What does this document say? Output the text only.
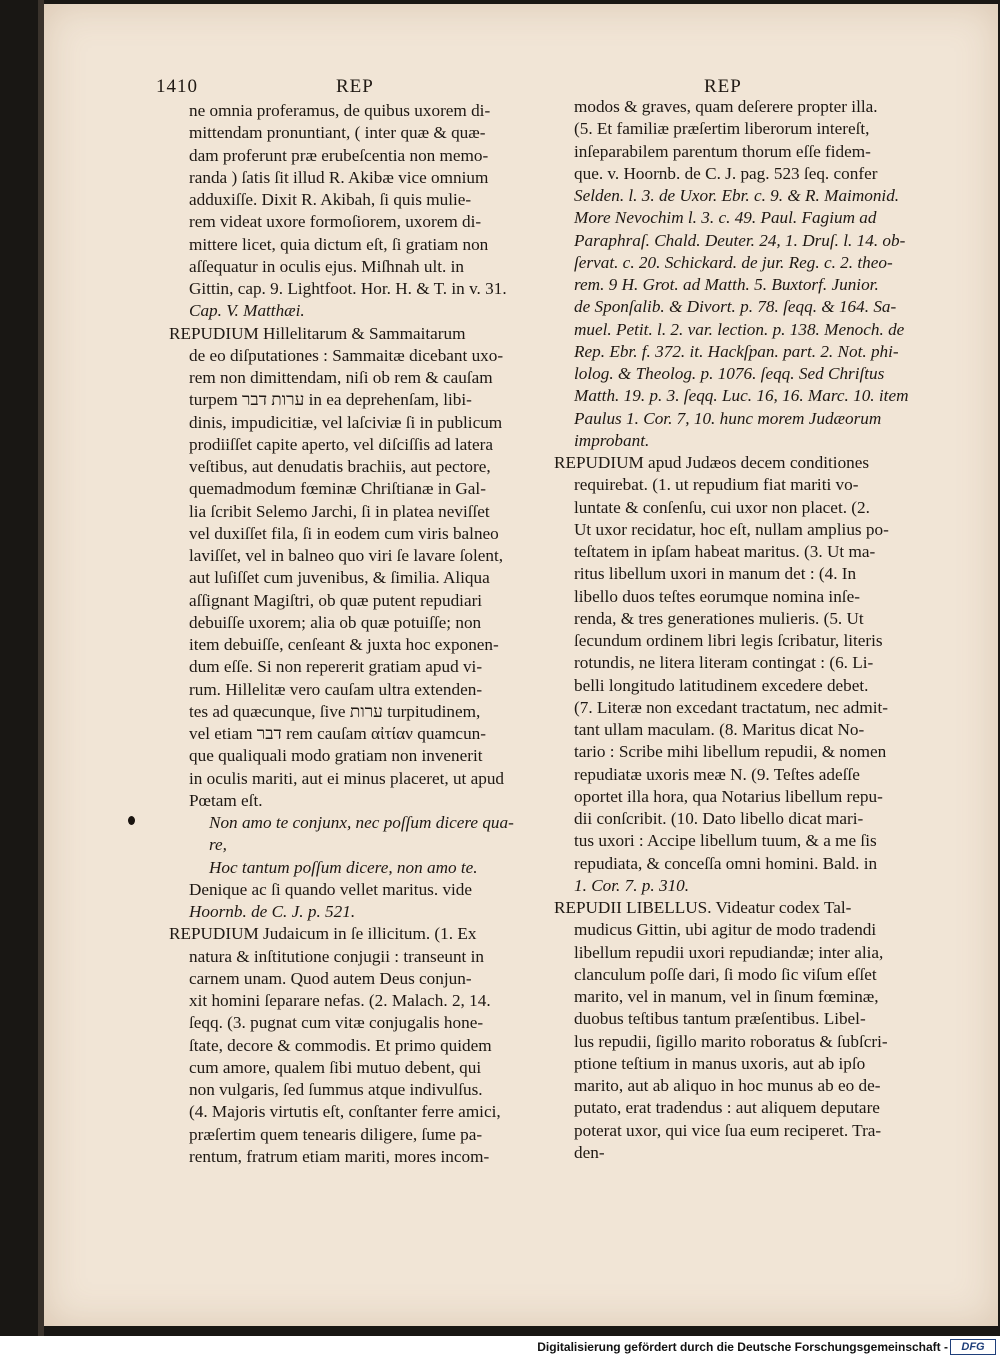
1410	REP	REP
ne omnia proferamus, de quibus uxorem di-
mittendam pronuntiant, ( inter quæ & quæ-
dam proferunt præ erubeſcentia non memo-
randa ) ſatis ſit illud R. Akibæ vice omnium
adduxiſſe. Dixit R. Akibah, ſi quis mulie-
rem videat uxore formoſiorem, uxorem di-
mittere licet, quia dictum eſt, ſi gratiam non
aſſequatur in oculis ejus. Miſhnah ult. in
Gittin, cap. 9. Lightfoot. Hor. H. & T. in v. 31.
Cap. V. Matthæi.
REPUDIUM Hillelitarum & Sammaitarum
de eo diſputationes : Sammaitæ dicebant uxo-
rem non dimittendam, niſi ob rem & cauſam
turpem ערות דבר in ea deprehenſam, libi-
dinis, impudicitiæ, vel laſciviæ ſi in publicum
prodiiſſet capite aperto, vel diſciſſis ad latera
veſtibus, aut denudatis brachiis, aut pectore,
quemadmodum fœminæ Chriſtianæ in Gal-
lia ſcribit Selemo Jarchi, ſi in platea neviſſet
vel duxiſſet fila, ſi in eodem cum viris balneo
laviſſet, vel in balneo quo viri ſe lavare ſolent,
aut luſiſſet cum juvenibus, & ſimilia. Aliqua
aſſignant Magiſtri, ob quæ putent repudiari
debuiſſe uxorem; alia ob quæ potuiſſe; non
item debuiſſe, cenſeant & juxta hoc exponen-
dum eſſe. Si non repererit gratiam apud vi-
rum. Hillelitæ vero cauſam ultra extenden-
tes ad quæcunque, ſive ערות turpitudinem,
vel etiam דבר rem cauſam αἰτίαν quamcun-
que qualiquali modo gratiam non invenerit
in oculis mariti, aut ei minus placeret, ut apud
Pœtam eſt.
Non amo te conjunx, nec poſſum dicere qua-
re,
Hoc tantum poſſum dicere, non amo te.
Denique ac ſi quando vellet maritus. vide
Hoornb. de C. J. p. 521.
REPUDIUM Judaicum in ſe illicitum. (1. Ex
natura & inſtitutione conjugii : transeunt in
carnem unam. Quod autem Deus conjun-
xit homini ſeparare nefas. (2. Malach. 2, 14.
ſeqq. (3. pugnat cum vitæ conjugalis hone-
ſtate, decore & commodis. Et primo quidem
cum amore, qualem ſibi mutuo debent, qui
non vulgaris, ſed ſummus atque indivulſus.
(4. Majoris virtutis eſt, conſtanter ferre amici,
præſertim quem tenearis diligere, ſume pa-
rentum, fratrum etiam mariti, mores incom-
modos & graves, quam deſerere propter illa.
(5. Et familiæ præſertim liberorum intereſt,
inſeparabilem parentum thorum eſſe fidem-
que. v. Hoornb. de C. J. pag. 523 ſeq. confer
Selden. l. 3. de Uxor. Ebr. c. 9. & R. Maimonid.
More Nevochim l. 3. c. 49. Paul. Fagium ad
Paraphraſ. Chald. Deuter. 24, 1. Druſ. l. 14. ob-
ſervat. c. 20. Schickard. de jur. Reg. c. 2. theo-
rem. 9 H. Grot. ad Matth. 5. Buxtorf. Junior.
de Sponſalib. & Divort. p. 78. ſeqq. & 164. Sa-
muel. Petit. l. 2. var. lection. p. 138. Menoch. de
Rep. Ebr. f. 372. it. Hackſpan. part. 2. Not. phi-
lolog. & Theolog. p. 1076. ſeqq. Sed Chriſtus
Matth. 19. p. 3. ſeqq. Luc. 16, 16. Marc. 10. item
Paulus 1. Cor. 7, 10. hunc morem Judæorum
improbant.
REPUDIUM apud Judæos decem conditiones
requirebat. (1. ut repudium fiat mariti vo-
luntate & conſenſu, cui uxor non placet. (2.
Ut uxor recidatur, hoc eſt, nullam amplius po-
teſtatem in ipſam habeat maritus. (3. Ut ma-
ritus libellum uxori in manum det : (4. In
libello duos teſtes eorumque nomina inſe-
renda, & tres generationes mulieris. (5. Ut
ſecundum ordinem libri legis ſcribatur, literis
rotundis, ne litera literam contingat : (6. Li-
belli longitudo latitudinem excedere debet.
(7. Literæ non excedant tractatum, nec admit-
tant ullam maculam. (8. Maritus dicat No-
tario : Scribe mihi libellum repudii, & nomen
repudiatæ uxoris meæ N. (9. Teſtes adeſſe
oportet illa hora, qua Notarius libellum repu-
dii conſcribit. (10. Dato libello dicat mari-
tus uxori : Accipe libellum tuum, & a me ſis
repudiata, & conceſſa omni homini. Bald. in
1. Cor. 7. p. 310.
REPUDII LIBELLUS. Videatur codex Tal-
mudicus Gittin, ubi agitur de modo tradendi
libellum repudii uxori repudiandæ; inter alia,
clanculum poſſe dari, ſi modo ſic viſum eſſet
marito, vel in manum, vel in ſinum fœminæ,
duobus teſtibus tantum præſentibus. Libel-
lus repudii, ſigillo marito roboratus & ſubſcri-
ptione teſtium in manus uxoris, aut ab ipſo
marito, aut ab aliquo in hoc munus ab eo de-
putato, erat tradendus : aut aliquem deputare
poterat uxor, qui vice ſua eum reciperet. Tra-
den-
Digitalisierung gefördert durch die Deutsche Forschungsgemeinschaft -	DFG
